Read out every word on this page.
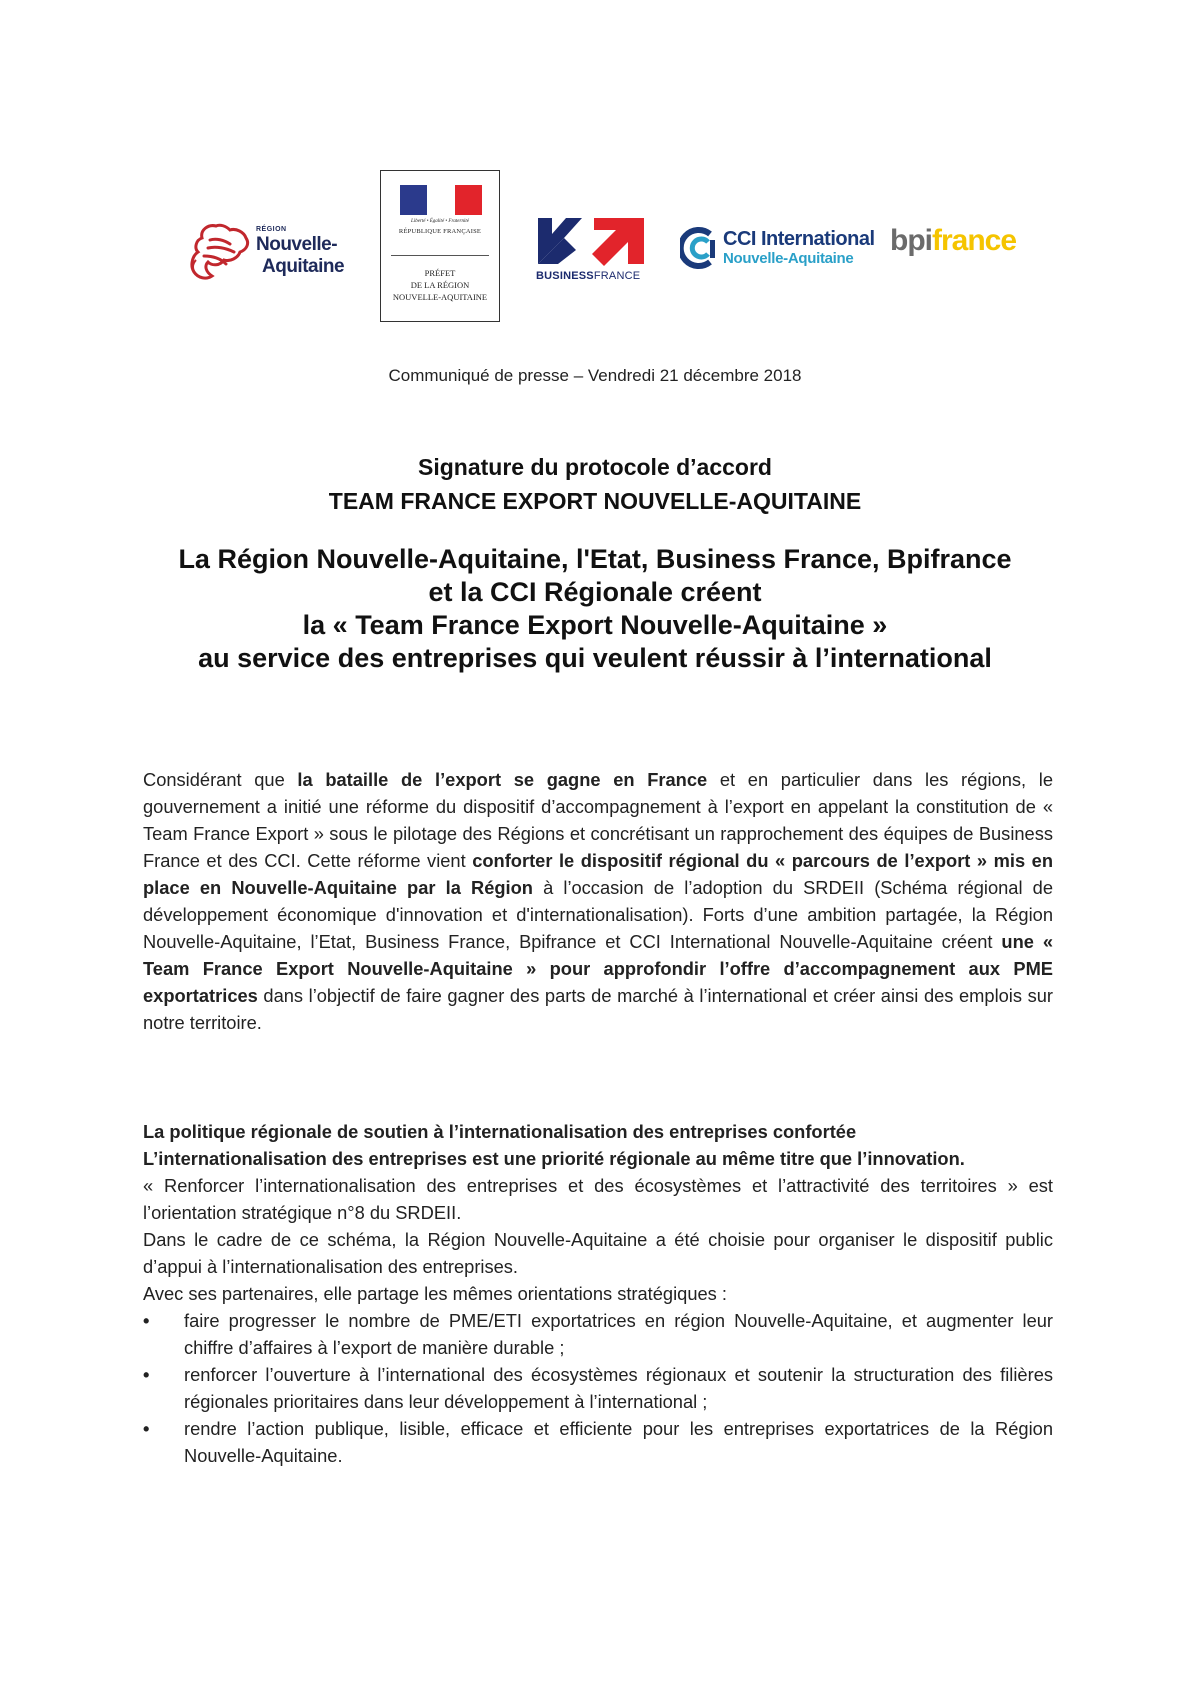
RÉGION
Nouvelle-
Aquitaine
Liberté • Égalité • Fraternité
RÉPUBLIQUE FRANÇAISE
PRÉFET
DE LA RÉGION
NOUVELLE-AQUITAINE
BUSINESSFRANCE
CCI International
Nouvelle-Aquitaine
bpifrance
Communiqué de presse – Vendredi 21 décembre 2018
Signature du protocole d’accord
TEAM FRANCE EXPORT NOUVELLE-AQUITAINE
La Région Nouvelle-Aquitaine, l'Etat, Business France, Bpifrance
et la CCI Régionale créent
la « Team France Export Nouvelle-Aquitaine »
au service des entreprises qui veulent réussir à l’international
Considérant que la bataille de l’export se gagne en France et en particulier dans les régions, le gouvernement a initié une réforme du dispositif d’accompagnement à l’export en appelant la constitution de « Team France Export » sous le pilotage des Régions et concrétisant un rapprochement des équipes de Business France et des CCI. Cette réforme vient conforter le dispositif régional du « parcours de l’export » mis en place en Nouvelle-Aquitaine par la Région à l’occasion de l’adoption du SRDEII (Schéma régional de développement économique d'innovation et d'internationalisation). Forts d’une ambition partagée, la Région Nouvelle-Aquitaine, l’Etat, Business France, Bpifrance et CCI International Nouvelle-Aquitaine créent une « Team France Export Nouvelle-Aquitaine » pour approfondir l’offre d’accompagnement aux PME exportatrices dans l’objectif de faire gagner des parts de marché à l’international et créer ainsi des emplois sur notre territoire.
La politique régionale de soutien à l’internationalisation des entreprises confortée
L’internationalisation des entreprises est une priorité régionale au même titre que l’innovation.
« Renforcer l’internationalisation des entreprises et des écosystèmes et l’attractivité des territoires » est l’orientation stratégique n°8 du SRDEII.
Dans le cadre de ce schéma, la Région Nouvelle-Aquitaine a été choisie pour organiser le dispositif public d’appui à l’internationalisation des entreprises.
Avec ses partenaires, elle partage les mêmes orientations stratégiques :
• faire progresser le nombre de PME/ETI exportatrices en région Nouvelle-Aquitaine, et augmenter leur chiffre d’affaires à l’export de manière durable ;
• renforcer l’ouverture à l’international des écosystèmes régionaux et soutenir la structuration des filières régionales prioritaires dans leur développement à l’international ;
• rendre l’action publique, lisible, efficace et efficiente pour les entreprises exportatrices de la Région Nouvelle-Aquitaine.
